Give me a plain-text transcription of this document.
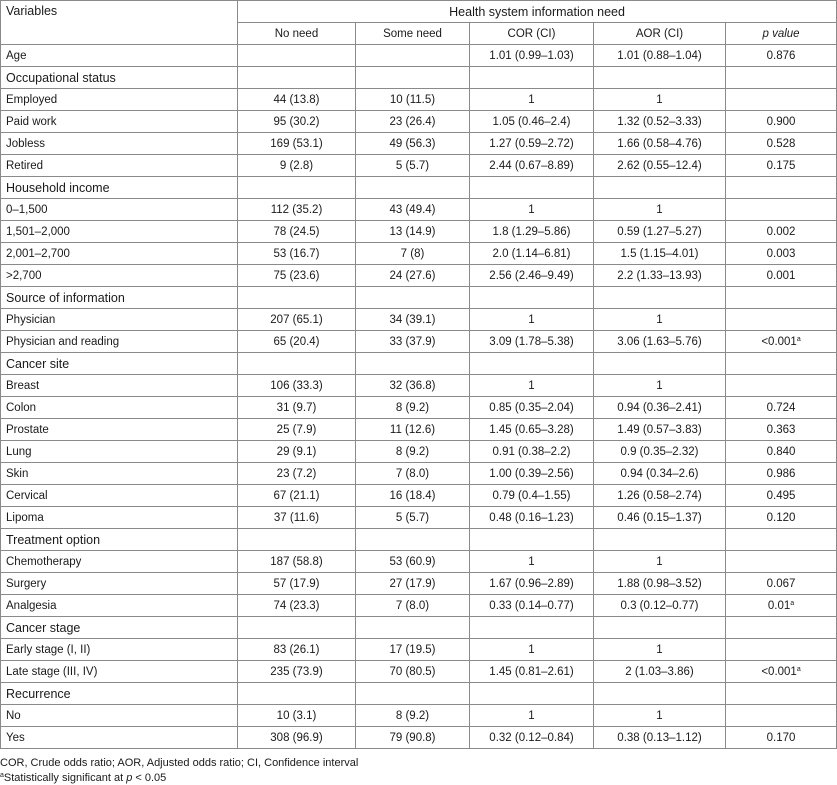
Variables	Health system information need				
	No need	Some need	COR (CI)	AOR (CI)	p value
Age			1.01 (0.99–1.03)	1.01 (0.88–1.04)	0.876
Occupational status					
Employed	44 (13.8)	10 (11.5)	1	1	
Paid work	95 (30.2)	23 (26.4)	1.05 (0.46–2.4)	1.32 (0.52–3.33)	0.900
Jobless	169 (53.1)	49 (56.3)	1.27 (0.59–2.72)	1.66 (0.58–4.76)	0.528
Retired	9 (2.8)	5 (5.7)	2.44 (0.67–8.89)	2.62 (0.55–12.4)	0.175
Household income					
0–1,500	112 (35.2)	43 (49.4)	1	1	
1,501–2,000	78 (24.5)	13 (14.9)	1.8 (1.29–5.86)	0.59 (1.27–5.27)	0.002
2,001–2,700	53 (16.7)	7 (8)	2.0 (1.14–6.81)	1.5 (1.15–4.01)	0.003
>2,700	75 (23.6)	24 (27.6)	2.56 (2.46–9.49)	2.2 (1.33–13.93)	0.001
Source of information					
Physician	207 (65.1)	34 (39.1)	1	1	
Physician and reading	65 (20.4)	33 (37.9)	3.09 (1.78–5.38)	3.06 (1.63–5.76)	<0.001$^a$
Cancer site					
Breast	106 (33.3)	32 (36.8)	1	1	
Colon	31 (9.7)	8 (9.2)	0.85 (0.35–2.04)	0.94 (0.36–2.41)	0.724
Prostate	25 (7.9)	11 (12.6)	1.45 (0.65–3.28)	1.49 (0.57–3.83)	0.363
Lung	29 (9.1)	8 (9.2)	0.91 (0.38–2.2)	0.9 (0.35–2.32)	0.840
Skin	23 (7.2)	7 (8.0)	1.00 (0.39–2.56)	0.94 (0.34–2.6)	0.986
Cervical	67 (21.1)	16 (18.4)	0.79 (0.4–1.55)	1.26 (0.58–2.74)	0.495
Lipoma	37 (11.6)	5 (5.7)	0.48 (0.16–1.23)	0.46 (0.15–1.37)	0.120
Treatment option					
Chemotherapy	187 (58.8)	53 (60.9)	1	1	
Surgery	57 (17.9)	27 (17.9)	1.67 (0.96–2.89)	1.88 (0.98–3.52)	0.067
Analgesia	74 (23.3)	7 (8.0)	0.33 (0.14–0.77)	0.3 (0.12–0.77)	0.01$^a$
Cancer stage					
Early stage (I, II)	83 (26.1)	17 (19.5)	1	1	
Late stage (III, IV)	235 (73.9)	70 (80.5)	1.45 (0.81–2.61)	2 (1.03–3.86)	<0.001$^a$
Recurrence					
No	10 (3.1)	8 (9.2)	1	1	
Yes	308 (96.9)	79 (90.8)	0.32 (0.12–0.84)	0.38 (0.13–1.12)	0.170
COR, Crude odds ratio; AOR, Adjusted odds ratio; CI, Confidence interval
$^a$Statistically significant at p < 0.05
